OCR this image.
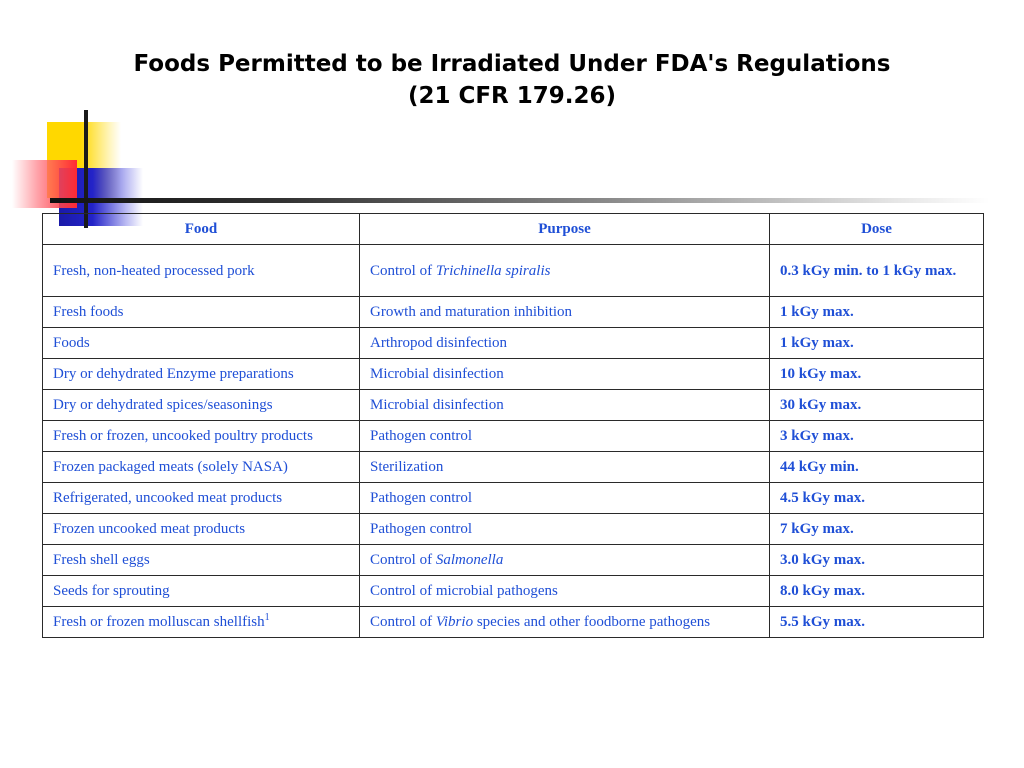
Foods Permitted to be Irradiated Under FDA's Regulations
(21 CFR 179.26)
Food	Purpose	Dose
Fresh, non-heated processed pork	Control of Trichinella spiralis	0.3 kGy min. to 1 kGy max.
Fresh foods	Growth and maturation inhibition	1 kGy max.
Foods	Arthropod disinfection	1 kGy max.
Dry or dehydrated Enzyme preparations	Microbial disinfection	10 kGy max.
Dry or dehydrated spices/seasonings	Microbial disinfection	30 kGy max.
Fresh or frozen, uncooked poultry products	Pathogen control	3 kGy max.
Frozen packaged meats (solely NASA)	Sterilization	44 kGy min.
Refrigerated, uncooked meat products	Pathogen control	4.5 kGy max.
Frozen uncooked meat products	Pathogen control	7 kGy max.
Fresh shell eggs	Control of Salmonella	3.0 kGy max.
Seeds for sprouting	Control of microbial pathogens	8.0 kGy max.
Fresh or frozen molluscan shellfish$^1$	Control of Vibrio species and other foodborne pathogens	5.5 kGy max.
